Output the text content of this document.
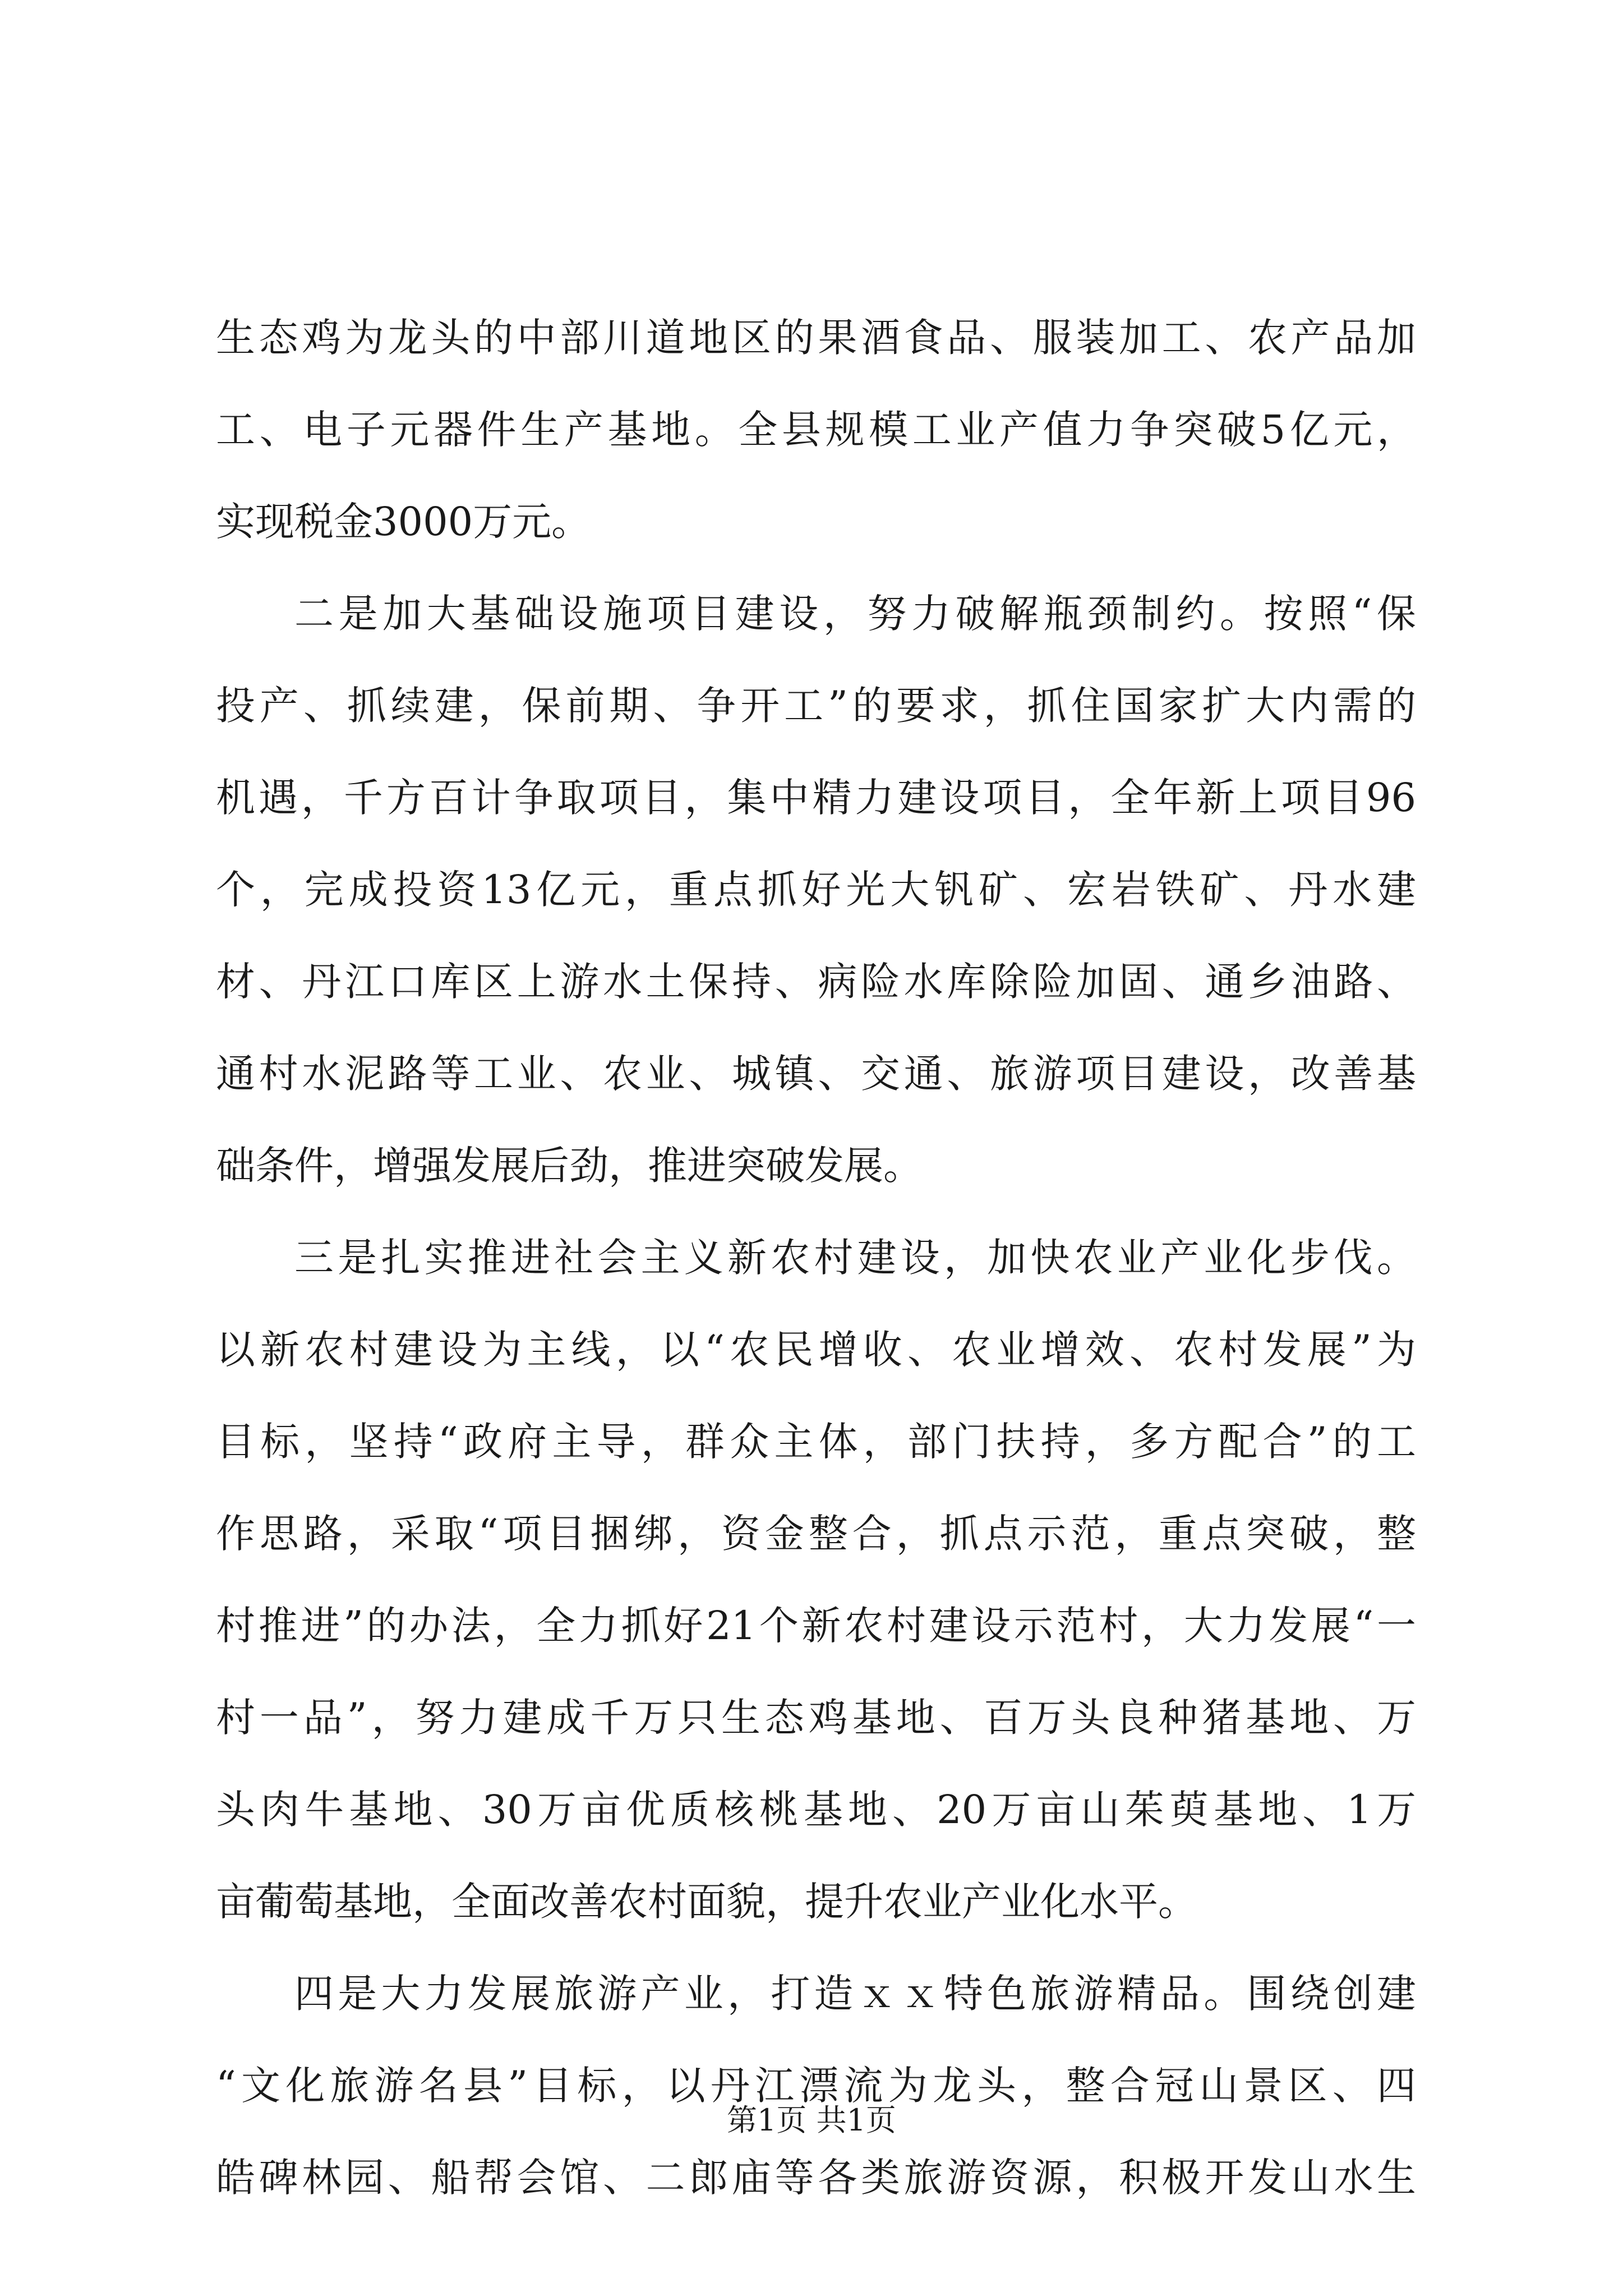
生态鸡为龙头的中部川道地区的果酒食品、服装加工、农产品加
工、电子元器件生产基地。全县规模工业产值力争突破5亿元，
实现税金3000万元。
二是加大基础设施项目建设，努力破解瓶颈制约。按照“保
投产、抓续建，保前期、争开工”的要求，抓住国家扩大内需的
机遇，千方百计争取项目，集中精力建设项目，全年新上项目96
个，完成投资13亿元，重点抓好光大钒矿、宏岩铁矿、丹水建
材、丹江口库区上游水土保持、病险水库除险加固、通乡油路、
通村水泥路等工业、农业、城镇、交通、旅游项目建设，改善基
础条件，增强发展后劲，推进突破发展。
三是扎实推进社会主义新农村建设，加快农业产业化步伐。
以新农村建设为主线，以“农民增收、农业增效、农村发展”为
目标，坚持“政府主导，群众主体，部门扶持，多方配合”的工
作思路，采取“项目捆绑，资金整合，抓点示范，重点突破，整
村推进”的办法，全力抓好21个新农村建设示范村，大力发展“一
村一品”，努力建成千万只生态鸡基地、百万头良种猪基地、万
头肉牛基地、30万亩优质核桃基地、20万亩山茱萸基地、1万
亩葡萄基地，全面改善农村面貌，提升农业产业化水平。
四是大力发展旅游产业，打造ｘｘ特色旅游精品。围绕创建
“文化旅游名县”目标，以丹江漂流为龙头，整合冠山景区、四
皓碑林园、船帮会馆、二郎庙等各类旅游资源，积极开发山水生
第1页 共1页
